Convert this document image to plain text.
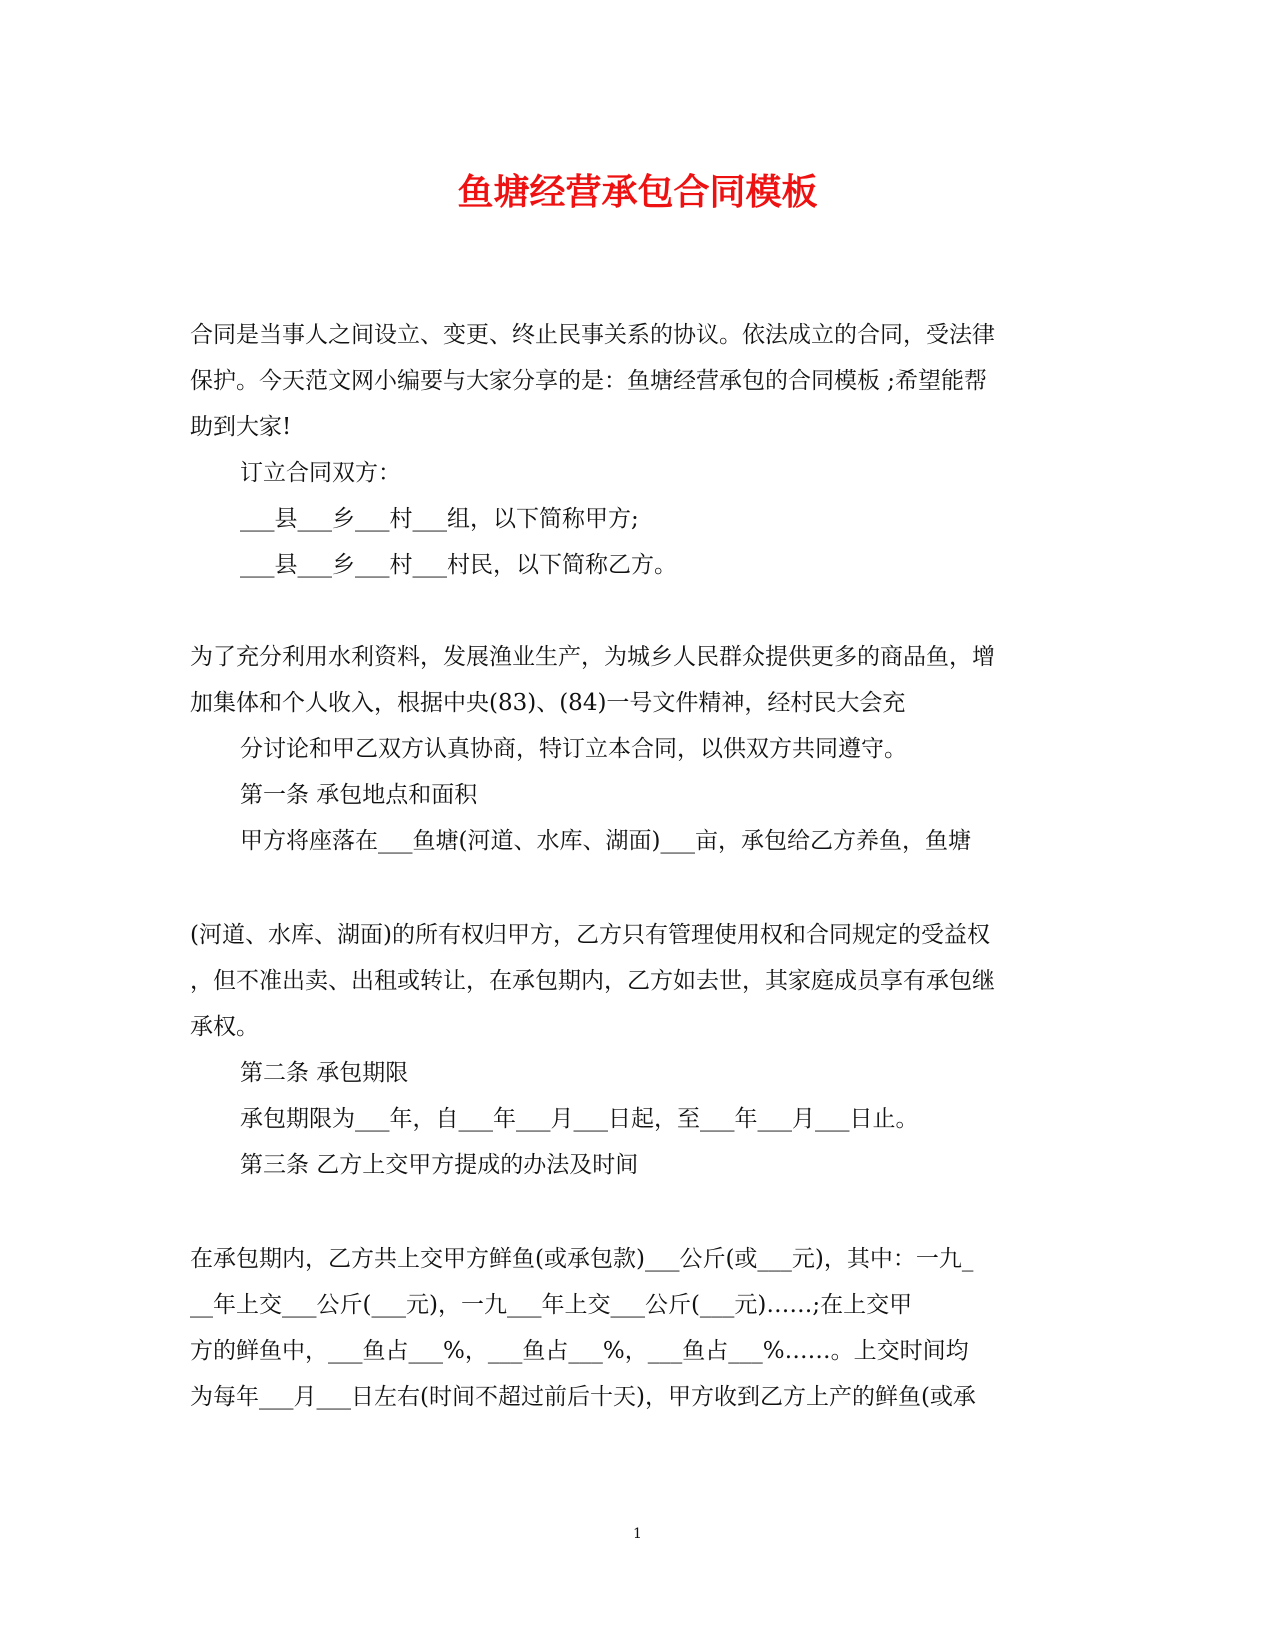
鱼塘经营承包合同模板

合同是当事人之间设立、变更、终止民事关系的协议。依法成立的合同，受法律

保护。今天范文网小编要与大家分享的是：鱼塘经营承包的合同模板 ;希望能帮

助到大家!

订立合同双方：

___县___乡___村___组，以下简称甲方;

___县___乡___村___村民，以下简称乙方。

为了充分利用水利资料，发展渔业生产，为城乡人民群众提供更多的商品鱼，增

加集体和个人收入，根据中央(83)、(84)一号文件精神，经村民大会充

分讨论和甲乙双方认真协商，特订立本合同，以供双方共同遵守。

第一条 承包地点和面积

甲方将座落在___鱼塘(河道、水库、湖面)___亩，承包给乙方养鱼，鱼塘

(河道、水库、湖面)的所有权归甲方，乙方只有管理使用权和合同规定的受益权

，但不准出卖、出租或转让，在承包期内，乙方如去世，其家庭成员享有承包继

承权。

第二条 承包期限

承包期限为___年，自___年___月___日起，至___年___月___日止。

第三条 乙方上交甲方提成的办法及时间

在承包期内，乙方共上交甲方鲜鱼(或承包款)___公斤(或___元)，其中：一九_

__年上交___公斤(___元)，一九___年上交___公斤(___元)……;在上交甲

方的鲜鱼中，___鱼占___%，___鱼占___%，___鱼占___%……。上交时间均

为每年___月___日左右(时间不超过前后十天)，甲方收到乙方上产的鲜鱼(或承

1
